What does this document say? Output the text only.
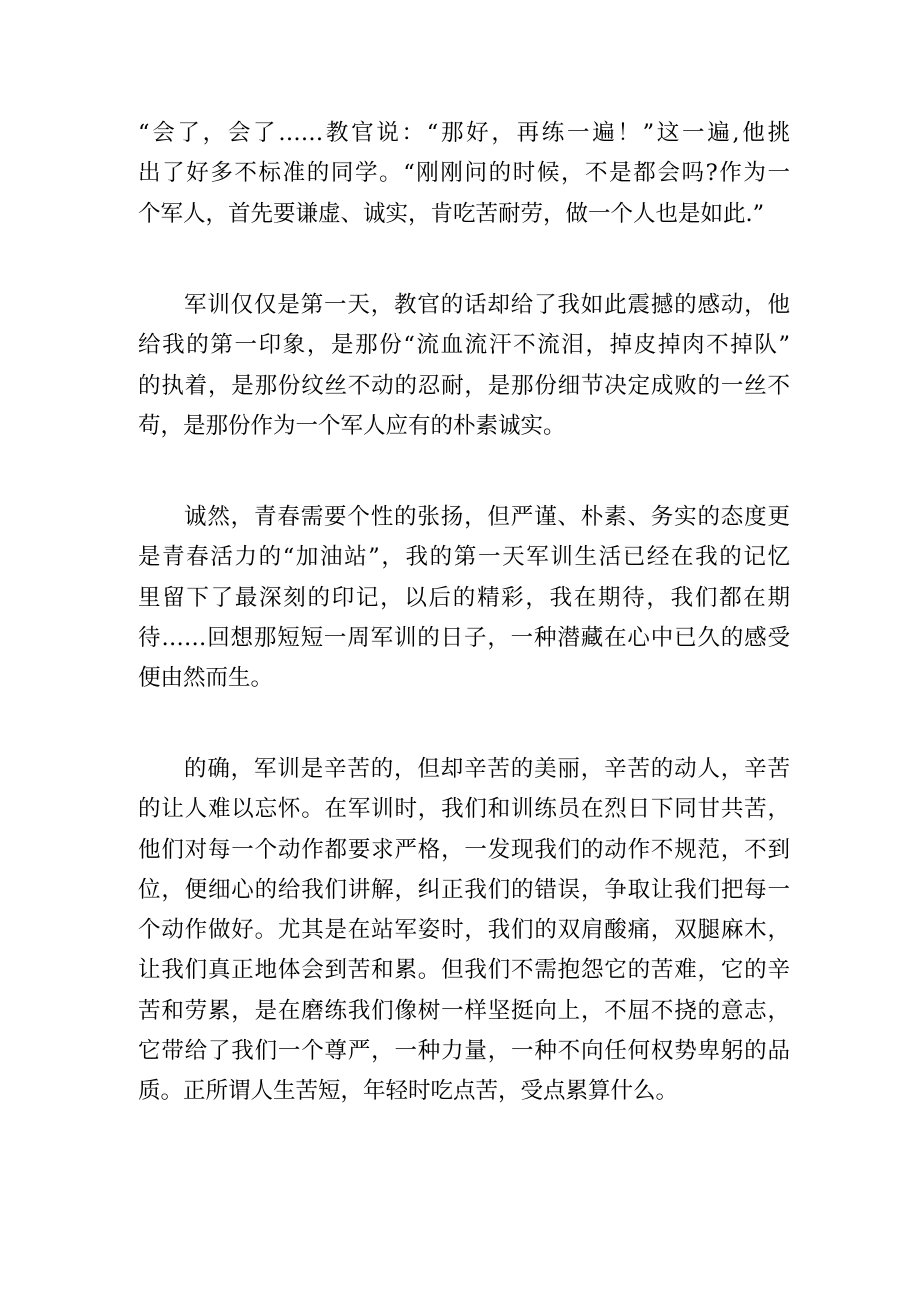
“会了，会了……教官说：“那好，再练一遍！”这一遍,他挑
出了好多不标准的同学。“刚刚问的时候，不是都会吗?作为一
个军人，首先要谦虚、诚实，肯吃苦耐劳，做一个人也是如此.”

军训仅仅是第一天，教官的话却给了我如此震撼的感动，他
给我的第一印象，是那份“流血流汗不流泪，掉皮掉肉不掉队”
的执着，是那份纹丝不动的忍耐，是那份细节决定成败的一丝不
苟，是那份作为一个军人应有的朴素诚实。

诚然，青春需要个性的张扬，但严谨、朴素、务实的态度更
是青春活力的“加油站”，我的第一天军训生活已经在我的记忆
里留下了最深刻的印记，以后的精彩，我在期待，我们都在期
待……回想那短短一周军训的日子，一种潜藏在心中已久的感受
便由然而生。

的确，军训是辛苦的，但却辛苦的美丽，辛苦的动人，辛苦
的让人难以忘怀。在军训时，我们和训练员在烈日下同甘共苦，
他们对每一个动作都要求严格，一发现我们的动作不规范，不到
位，便细心的给我们讲解，纠正我们的错误，争取让我们把每一
个动作做好。尤其是在站军姿时，我们的双肩酸痛，双腿麻木，
让我们真正地体会到苦和累。但我们不需抱怨它的苦难，它的辛
苦和劳累，是在磨练我们像树一样坚挺向上，不屈不挠的意志，
它带给了我们一个尊严，一种力量，一种不向任何权势卑躬的品
质。正所谓人生苦短，年轻时吃点苦，受点累算什么。
